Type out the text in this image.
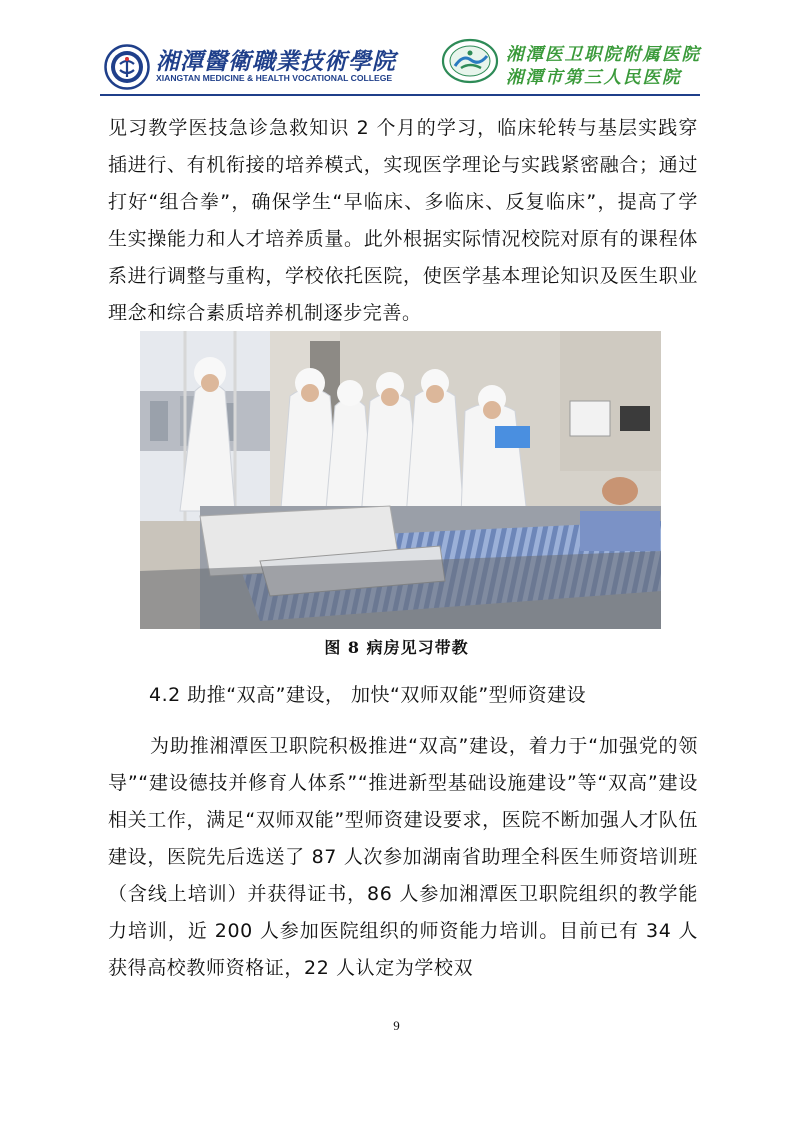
湘潭醫衛職業技術學院
XIANGTAN MEDICINE & HEALTH VOCATIONAL COLLEGE
湘潭医卫职院附属医院
湘潭市第三人民医院

见习教学医技急诊急救知识 2 个月的学习，临床轮转与基层实践穿插进行、有机衔接的培养模式，实现医学理论与实践紧密融合；通过打好“组合拳”，确保学生“早临床、多临床、反复临床”，提高了学生实操能力和人才培养质量。此外根据实际情况校院对原有的课程体系进行调整与重构，学校依托医院，使医学基本理论知识及医生职业理念和综合素质培养机制逐步完善。

图 8 病房见习带教
4.2 助推“双高”建设， 加快“双师双能”型师资建设

为助推湘潭医卫职院积极推进“双高”建设，着力于“加强党的领导”“建设德技并修育人体系”“推进新型基础设施建设”等“双高”建设相关工作，满足“双师双能”型师资建设要求，医院不断加强人才队伍建设，医院先后选送了 87 人次参加湖南省助理全科医生师资培训班（含线上培训）并获得证书，86 人参加湘潭医卫职院组织的教学能力培训，近 200 人参加医院组织的师资能力培训。目前已有 34 人获得高校教师资格证，22 人认定为学校双

9
